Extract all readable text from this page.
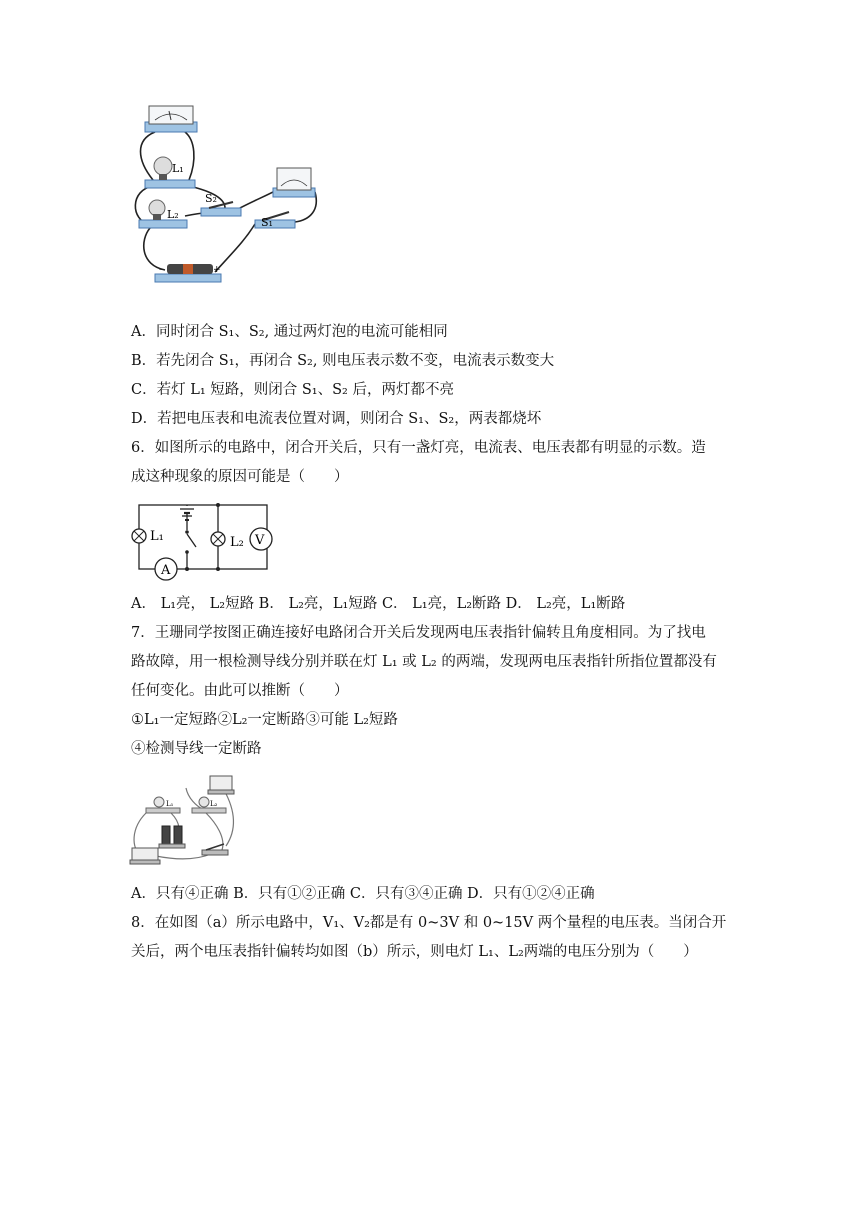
L₁
L₂
S₂
S₁
-	+
A．同时闭合 S₁、S₂, 通过两灯泡的电流可能相同
B．若先闭合 S₁，再闭合 S₂, 则电压表示数不变，电流表示数变大
C．若灯 L₁ 短路，则闭合 S₁、S₂ 后，两灯都不亮
D．若把电压表和电流表位置对调，则闭合 S₁、S₂，两表都烧坏
6．如图所示的电路中，闭合开关后，只有一盏灯亮，电流表、电压表都有明显的示数。造
成这种现象的原因可能是（　　）
L₁	L₂ V
A
A． L₁亮， L₂短路 B． L₂亮，L₁短路 C． L₁亮，L₂断路 D． L₂亮，L₁断路
7．王珊同学按图正确连接好电路闭合开关后发现两电压表指针偏转且角度相同。为了找电
路故障，用一根检测导线分别并联在灯 L₁ 或 L₂ 的两端，发现两电压表指针所指位置都没有
任何变化。由此可以推断（　　）
①L₁一定短路②L₂一定断路③可能 L₂短路
④检测导线一定断路
L₁	L₂
A．只有④正确 B．只有①②正确 C．只有③④正确 D．只有①②④正确
8．在如图（a）所示电路中，V₁、V₂都是有 0~3V 和 0~15V 两个量程的电压表。当闭合开
关后，两个电压表指针偏转均如图（b）所示，则电灯 L₁、L₂两端的电压分别为（　　）
